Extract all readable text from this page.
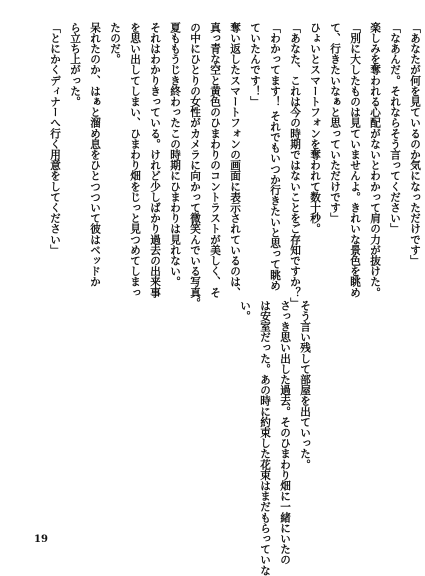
「あなたが何を見ているのか気になっただけです」

「なあんだ。それならそう言ってください」

楽しみを奪われる心配がないとわかって肩の力が抜けた。

「別に大したものは見ていませんよ。きれいな景色を眺め

て、行きたいなぁと思っていただけです」

ひょいとスマートフォンを奪われて数十秒。

「あなた、これは今の時期ではないことをご存知ですか？」

「わかってます！ それでもいつか行きたいと思って眺め

ていたんです！」

奪い返したスマートフォンの画面に表示されているのは、

真っ青な空と黄色のひまわりのコントラストが美しく、そ

の中にひとりの女性がカメラに向かって微笑んでいる写真。

夏ももうじき終わったこの時期にひまわりは見れない。

それはわかりきっている。けれど少しばかり過去の出来事

を思い出してしまい、ひまわり畑をじっと見つめてしまっ

たのだ。

呆れたのか、はぁと溜め息をひとつついて彼はベッドか

ら立ち上がった。

「とにかくディナーへ行く用意をしてください」

そう言い残して部屋を出ていった。

さっき思い出した過去。そのひまわり畑に一緒にいたの

は安室だった。あの時に約束した花束はまだもらっていな

い。

19
